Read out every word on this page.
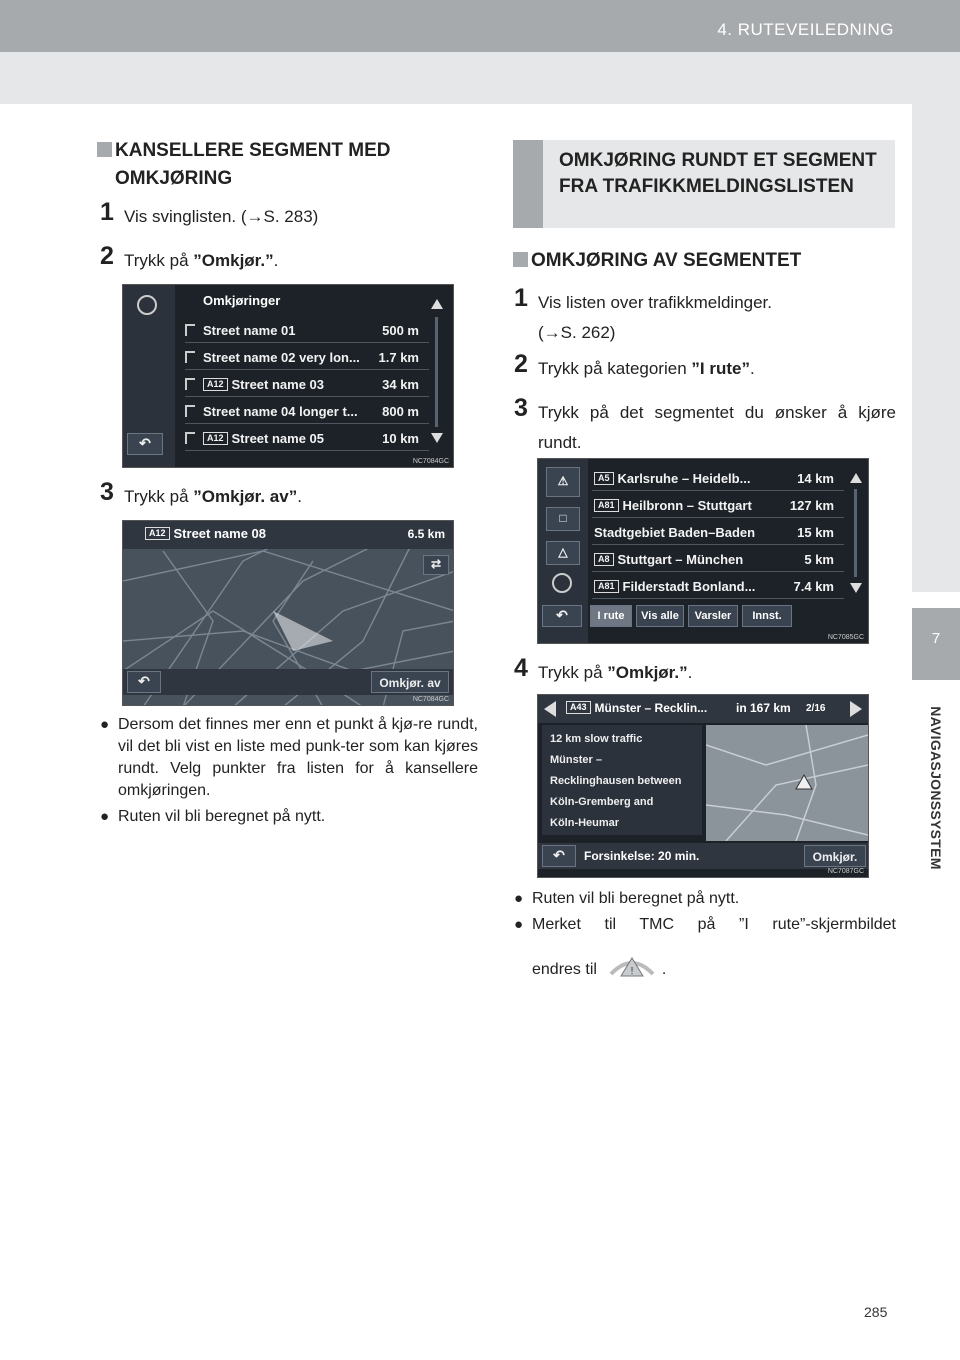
4. RUTEVEILEDNING
7
NAVIGASJONSSYSTEM
KANSELLERE SEGMENT MED
OMKJØRING
1 Vis svinglisten. (→S. 283)
2 Trykk på ”Omkjør.”.
Omkjøringer
Street name 01	500 m
Street name 02 very lon... 1.7 km
A12 Street name 03	34 km
Street name 04 longer t... 800 m
A12 Street name 05	10 km
↶
NC7084GC
3 Trykk på ”Omkjør. av”.
A12 Street name 08	6.5 km
⇄
↶	Omkjør. av
NC7084GC
● Dersom det finnes mer enn et punkt å kjø-re rundt, vil det bli vist en liste med punk-ter som kan kjøres rundt. Velg punkter fra listen for å kansellere omkjøringen.
● Ruten vil bli beregnet på nytt.
OMKJØRING RUNDT ET SEGMENT FRA TRAFIKKMELDINGSLISTEN
OMKJØRING AV SEGMENTET
1 Vis listen over trafikkmeldinger.
(→S. 262)
2 Trykk på kategorien ”I rute”.
3 Trykk på det segmentet du ønsker å kjøre rundt.
⚠
□
△
A5 Karlsruhe – Heidelb...	14 km
A81 Heilbronn – Stuttgart	127 km
Stadtgebiet Baden–Baden	15 km
A8 Stuttgart – München	5 km
A81 Filderstadt Bonland...	7.4 km
↶	I rute	Vis alle	Varsler	Innst.
NC7085GC
4 Trykk på ”Omkjør.”.
A43 Münster – Recklin... in 167 km 2/16
12 km slow traffic
Münster –
Recklinghausen between
Köln-Gremberg and
Köln-Heumar
↶	Forsinkelse: 20 min.	Omkjør.
NC7087GC
● Ruten vil bli beregnet på nytt.
● Merket til TMC på ”I rute”-skjermbildet
endres til	! .
285
